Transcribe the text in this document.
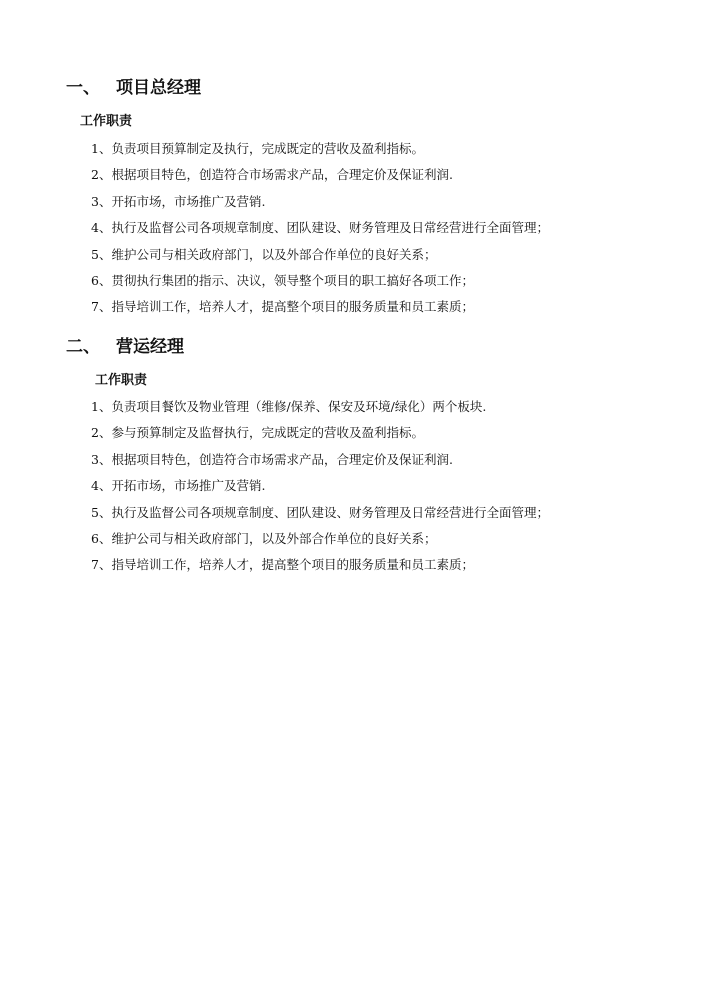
一、 项目总经理
工作职责
1、负责项目预算制定及执行，完成既定的营收及盈利指标。
2、根据项目特色，创造符合市场需求产品，合理定价及保证利润.
3、开拓市场，市场推广及营销.
4、执行及监督公司各项规章制度、团队建设、财务管理及日常经营进行全面管理；
5、维护公司与相关政府部门，以及外部合作单位的良好关系；
6、贯彻执行集团的指示、决议，领导整个项目的职工搞好各项工作；
7、指导培训工作，培养人才，提高整个项目的服务质量和员工素质；
二、 营运经理
工作职责
1、负责项目餐饮及物业管理（维修/保养、保安及环境/绿化）两个板块.
2、参与预算制定及监督执行，完成既定的营收及盈利指标。
3、根据项目特色，创造符合市场需求产品，合理定价及保证利润.
4、开拓市场，市场推广及营销.
5、执行及监督公司各项规章制度、团队建设、财务管理及日常经营进行全面管理；
6、维护公司与相关政府部门，以及外部合作单位的良好关系；
7、指导培训工作，培养人才，提高整个项目的服务质量和员工素质；
